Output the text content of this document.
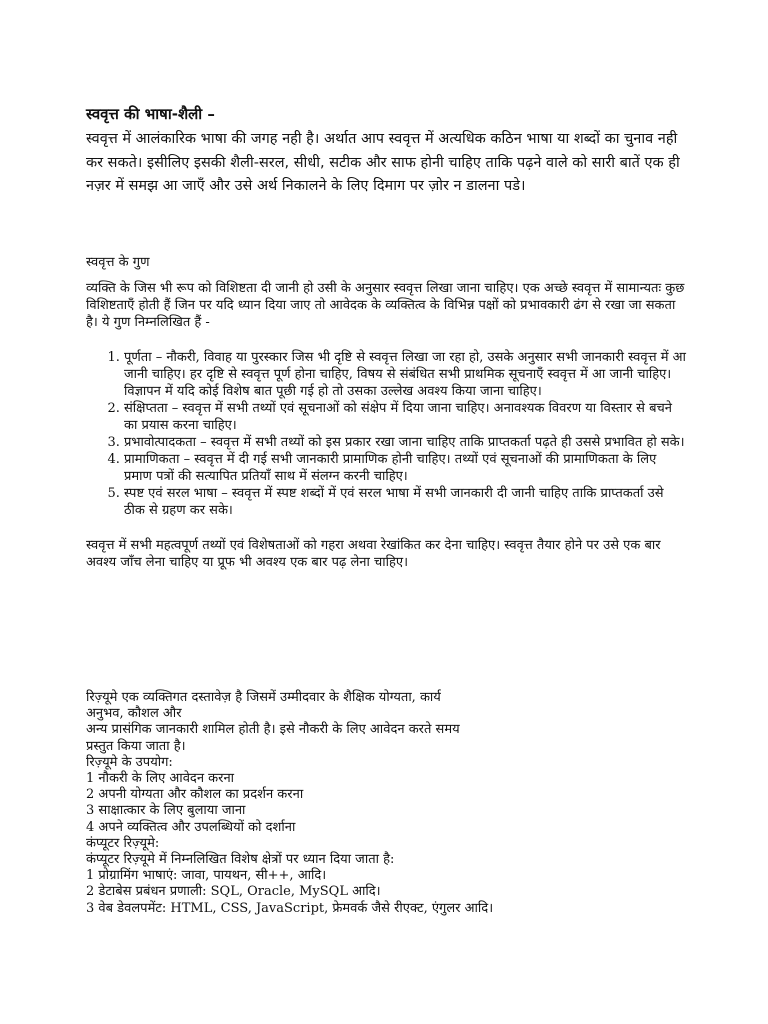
स्ववृत्त की भाषा-शैली –

स्ववृत्त में आलंकारिक भाषा की जगह नही है। अर्थात आप स्ववृत्त में अत्यधिक कठिन भाषा या शब्दों का चुनाव नही कर सकते। इसीलिए इसकी शैली-सरल, सीधी, सटीक और साफ होनी चाहिए ताकि पढ़ने वाले को सारी बातें एक ही नज़र में समझ आ जाएँ और उसे अर्थ निकालने के लिए दिमाग पर ज़ोर न डालना पडे।

स्ववृत्त के गुण

व्यक्ति के जिस भी रूप को विशिष्टता दी जानी हो उसी के अनुसार स्ववृत्त लिखा जाना चाहिए। एक अच्छे स्ववृत्त में सामान्यतः कुछ विशिष्टताएँ होती हैं जिन पर यदि ध्यान दिया जाए तो आवेदक के व्यक्तित्व के विभिन्न पक्षों को प्रभावकारी ढंग से रखा जा सकता है। ये गुण निम्नलिखित हैं -

1. पूर्णता – नौकरी, विवाह या पुरस्कार जिस भी दृष्टि से स्ववृत्त लिखा जा रहा हो, उसके अनुसार सभी जानकारी स्ववृत्त में आ जानी चाहिए। हर दृष्टि से स्ववृत्त पूर्ण होना चाहिए, विषय से संबंधित सभी प्राथमिक सूचनाएँ स्ववृत्त में आ जानी चाहिए। विज्ञापन में यदि कोई विशेष बात पूछी गई हो तो उसका उल्लेख अवश्य किया जाना चाहिए।
2. संक्षिप्तता – स्ववृत्त में सभी तथ्यों एवं सूचनाओं को संक्षेप में दिया जाना चाहिए। अनावश्यक विवरण या विस्तार से बचने का प्रयास करना चाहिए।
3. प्रभावोत्पादकता – स्ववृत्त में सभी तथ्यों को इस प्रकार रखा जाना चाहिए ताकि प्राप्तकर्ता पढ़ते ही उससे प्रभावित हो सके।
4. प्रामाणिकता – स्ववृत्त में दी गई सभी जानकारी प्रामाणिक होनी चाहिए। तथ्यों एवं सूचनाओं की प्रामाणिकता के लिए प्रमाण पत्रों की सत्यापित प्रतियाँ साथ में संलग्न करनी चाहिए।
5. स्पष्ट एवं सरल भाषा – स्ववृत्त में स्पष्ट शब्दों में एवं सरल भाषा में सभी जानकारी दी जानी चाहिए ताकि प्राप्तकर्ता उसे ठीक से ग्रहण कर सके।

स्ववृत्त में सभी महत्वपूर्ण तथ्यों एवं विशेषताओं को गहरा अथवा रेखांकित कर देना चाहिए। स्ववृत्त तैयार होने पर उसे एक बार अवश्य जाँच लेना चाहिए या प्रूफ भी अवश्य एक बार पढ़ लेना चाहिए।

रिज़्यूमे एक व्यक्तिगत दस्तावेज़ है जिसमें उम्मीदवार के शैक्षिक योग्यता, कार्य
अनुभव, कौशल और
अन्य प्रासंगिक जानकारी शामिल होती है। इसे नौकरी के लिए आवेदन करते समय
प्रस्तुत किया जाता है।
रिज़्यूमे के उपयोग:
1 नौकरी के लिए आवेदन करना
2 अपनी योग्यता और कौशल का प्रदर्शन करना
3 साक्षात्कार के लिए बुलाया जाना
4 अपने व्यक्तित्व और उपलब्धियों को दर्शाना
कंप्यूटर रिज़्यूमे:
कंप्यूटर रिज़्यूमे में निम्नलिखित विशेष क्षेत्रों पर ध्यान दिया जाता है:
1 प्रोग्रामिंग भाषाएं: जावा, पायथन, सी++, आदि।
2 डेटाबेस प्रबंधन प्रणाली: SQL, Oracle, MySQL आदि।
3 वेब डेवलपमेंट: HTML, CSS, JavaScript, फ्रेमवर्क जैसे रीएक्ट, एंगुलर आदि।
